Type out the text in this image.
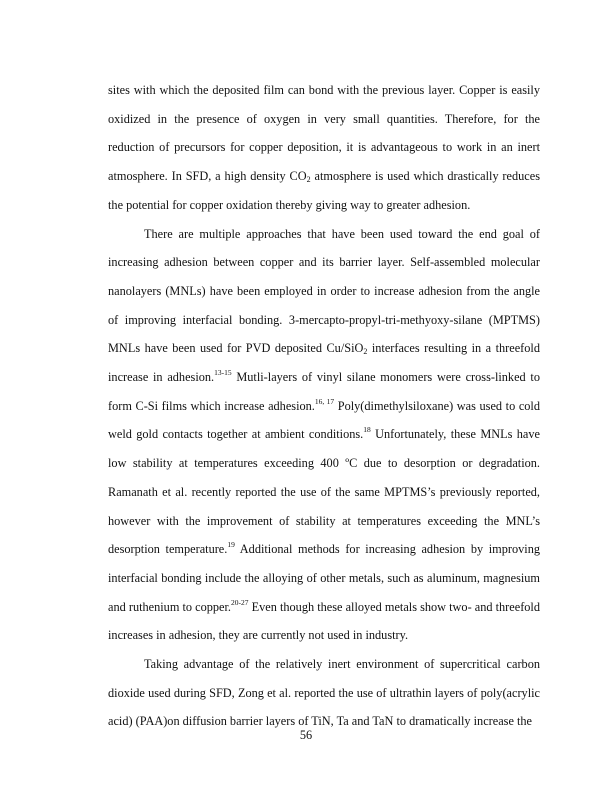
sites with which the deposited film can bond with the previous layer. Copper is easily oxidized in the presence of oxygen in very small quantities. Therefore, for the reduction of precursors for copper deposition, it is advantageous to work in an inert atmosphere. In SFD, a high density $CO_2$ atmosphere is used which drastically reduces the potential for copper oxidation thereby giving way to greater adhesion.

There are multiple approaches that have been used toward the end goal of increasing adhesion between copper and its barrier layer. Self-assembled molecular nanolayers (MNLs) have been employed in order to increase adhesion from the angle of improving interfacial bonding. 3-mercapto-propyl-tri-methyoxy-silane (MPTMS) MNLs have been used for PVD deposited Cu/SiO$_2$ interfaces resulting in a threefold increase in adhesion.$^{13-15}$ Mutli-layers of vinyl silane monomers were cross-linked to form C-Si films which increase adhesion.$^{16, 17}$ Poly(dimethylsiloxane) was used to cold weld gold contacts together at ambient conditions.$^{18}$ Unfortunately, these MNLs have low stability at temperatures exceeding 400 ºC due to desorption or degradation. Ramanath et al. recently reported the use of the same MPTMS’s previously reported, however with the improvement of stability at temperatures exceeding the MNL’s desorption temperature.$^{19}$ Additional methods for increasing adhesion by improving interfacial bonding include the alloying of other metals, such as aluminum, magnesium and ruthenium to copper.$^{20-27}$ Even though these alloyed metals show two- and threefold increases in adhesion, they are currently not used in industry.

Taking advantage of the relatively inert environment of supercritical carbon dioxide used during SFD, Zong et al. reported the use of ultrathin layers of poly(acrylic acid) (PAA)on diffusion barrier layers of TiN, Ta and TaN to dramatically increase the

56
